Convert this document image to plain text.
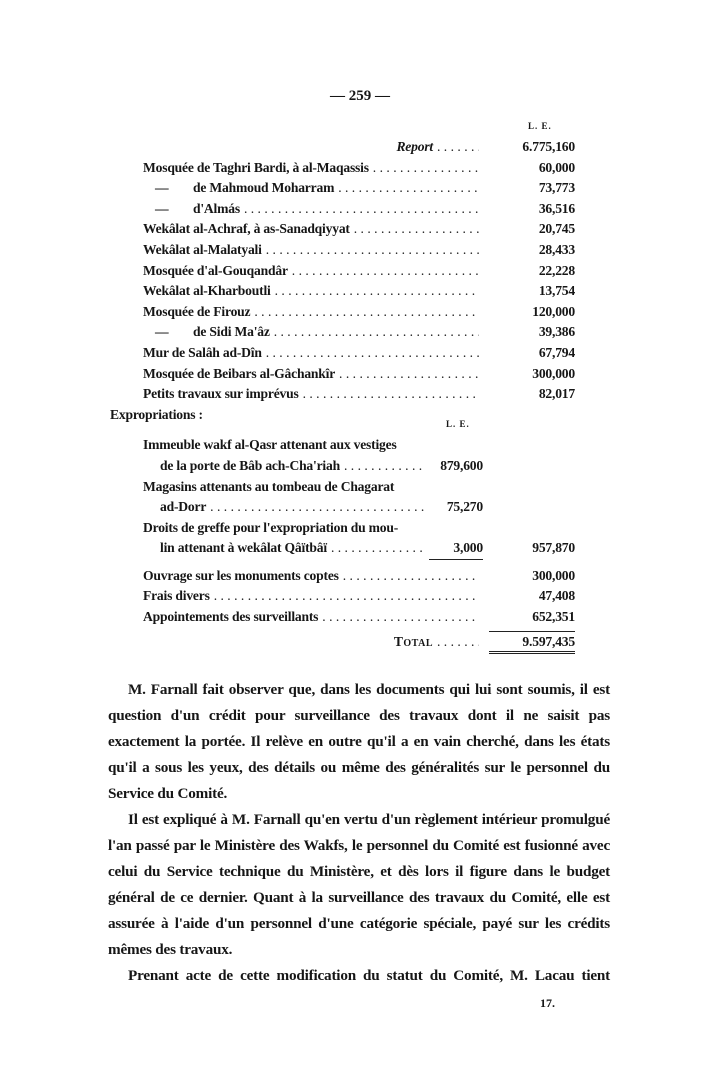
— 259 —
L. E.
Report . . .	6.775,160
Mosquée de Taghri Bardi, à al-Maqassis . . .	60,000
— de Mahmoud Moharram . . .	73,773
— d'Almás . . .	36,516
Wekâlat al-Achraf, à as-Sanadqiyyat . . .	20,745
Wekâlat al-Malatyali . . .	28,433
Mosquée d'al-Gouqandâr . . .	22,228
Wekâlat al-Kharboutli . . .	13,754
Mosquée de Firouz . . .	120,000
— de Sidi Ma'âz . . .	39,386
Mur de Salâh ad-Dîn . . .	67,794
Mosquée de Beibars al-Gâchankîr . . .	300,000
Petits travaux sur imprévus . . .	82,017
Expropriations :
L. E.
Immeuble wakf al-Qasr attenant aux vestiges
de la porte de Bâb ach-Cha'riah . . .	879,600
Magasins attenants au tombeau de Chagarat
ad-Dorr . . .	75,270
Droits de greffe pour l'expropriation du mou-
lin attenant à wekâlat Qâïtbâï . . .	3,000	957,870
Ouvrage sur les monuments coptes . . .	300,000
Frais divers . . .	47,408
Appointements des surveillants . . .	652,351
Total . . .	9.597,435

M. Farnall fait observer que, dans les documents qui lui sont soumis, il est question d'un crédit pour surveillance des travaux dont il ne saisit pas exactement la portée. Il relève en outre qu'il a en vain cherché, dans les états qu'il a sous les yeux, des détails ou même des généralités sur le personnel du Service du Comité.

Il est expliqué à M. Farnall qu'en vertu d'un règlement intérieur promulgué l'an passé par le Ministère des Wakfs, le personnel du Comité est fusionné avec celui du Service technique du Ministère, et dès lors il figure dans le budget général de ce dernier. Quant à la surveillance des travaux du Comité, elle est assurée à l'aide d'un personnel d'une catégorie spéciale, payé sur les crédits mêmes des travaux.

Prenant acte de cette modification du statut du Comité, M. Lacau tient

17.
